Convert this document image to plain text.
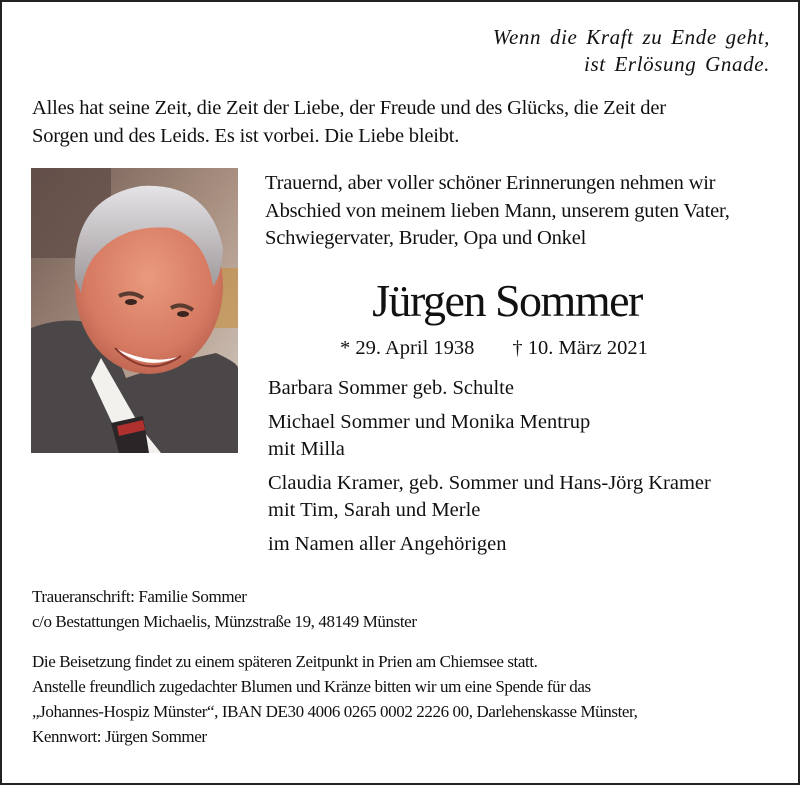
Wenn die Kraft zu Ende geht,
ist Erlösung Gnade.
Alles hat seine Zeit, die Zeit der Liebe, der Freude und des Glücks, die Zeit der
Sorgen und des Leids. Es ist vorbei. Die Liebe bleibt.
Trauernd, aber voller schöner Erinnerungen nehmen wir
Abschied von meinem lieben Mann, unserem guten Vater,
Schwiegervater, Bruder, Opa und Onkel
Jürgen Sommer
* 29. April 1938 † 10. März 2021
Barbara Sommer geb. Schulte
Michael Sommer und Monika Mentrup
mit Milla
Claudia Kramer, geb. Sommer und Hans-Jörg Kramer
mit Tim, Sarah und Merle
im Namen aller Angehörigen
Traueranschrift: Familie Sommer
c/o Bestattungen Michaelis, Münzstraße 19, 48149 Münster
Die Beisetzung findet zu einem späteren Zeitpunkt in Prien am Chiemsee statt.
Anstelle freundlich zugedachter Blumen und Kränze bitten wir um eine Spende für das
„Johannes-Hospiz Münster“, IBAN DE30 4006 0265 0002 2226 00, Darlehenskasse Münster,
Kennwort: Jürgen Sommer
